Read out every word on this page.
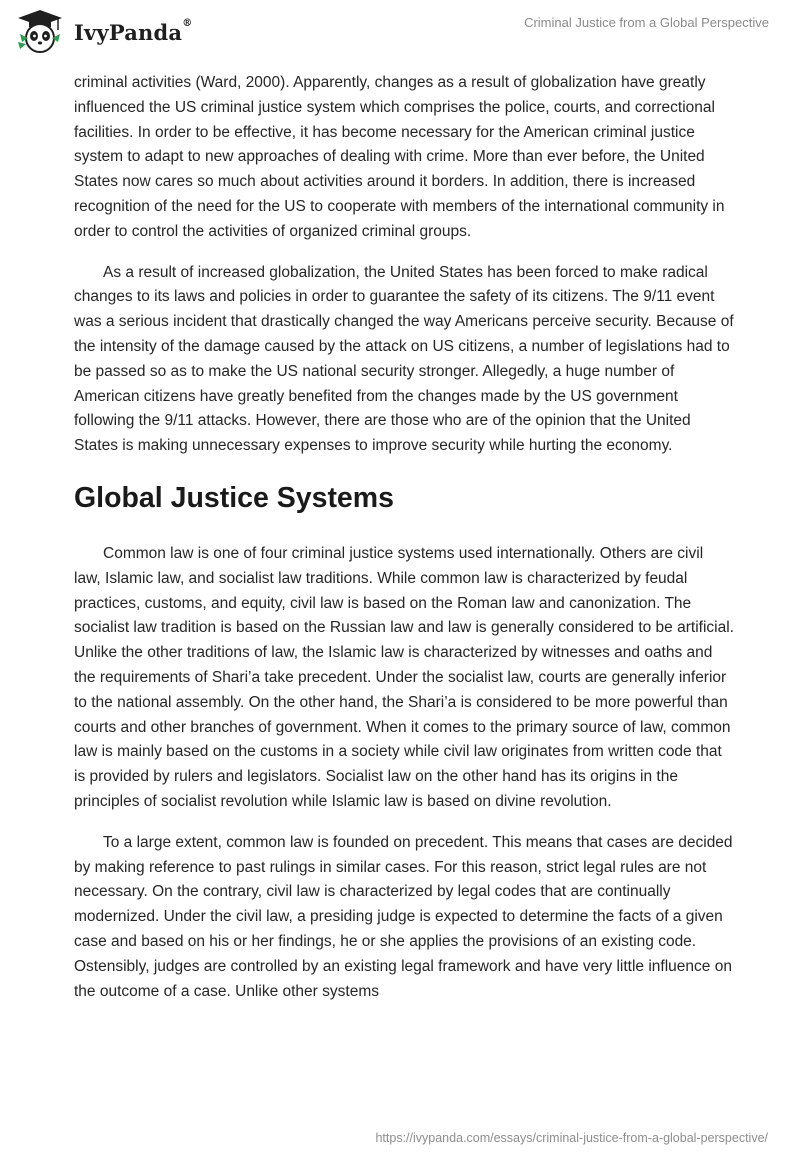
IvyPanda®	Criminal Justice from a Global Perspective

criminal activities (Ward, 2000). Apparently, changes as a result of globalization have greatly influenced the US criminal justice system which comprises the police, courts, and correctional facilities. In order to be effective, it has become necessary for the American criminal justice system to adapt to new approaches of dealing with crime. More than ever before, the United States now cares so much about activities around it borders. In addition, there is increased recognition of the need for the US to cooperate with members of the international community in order to control the activities of organized criminal groups.

As a result of increased globalization, the United States has been forced to make radical changes to its laws and policies in order to guarantee the safety of its citizens. The 9/11 event was a serious incident that drastically changed the way Americans perceive security. Because of the intensity of the damage caused by the attack on US citizens, a number of legislations had to be passed so as to make the US national security stronger. Allegedly, a huge number of American citizens have greatly benefited from the changes made by the US government following the 9/11 attacks. However, there are those who are of the opinion that the United States is making unnecessary expenses to improve security while hurting the economy.

Global Justice Systems

Common law is one of four criminal justice systems used internationally. Others are civil law, Islamic law, and socialist law traditions. While common law is characterized by feudal practices, customs, and equity, civil law is based on the Roman law and canonization. The socialist law tradition is based on the Russian law and law is generally considered to be artificial. Unlike the other traditions of law, the Islamic law is characterized by witnesses and oaths and the requirements of Shari’a take precedent. Under the socialist law, courts are generally inferior to the national assembly. On the other hand, the Shari’a is considered to be more powerful than courts and other branches of government. When it comes to the primary source of law, common law is mainly based on the customs in a society while civil law originates from written code that is provided by rulers and legislators. Socialist law on the other hand has its origins in the principles of socialist revolution while Islamic law is based on divine revolution.

To a large extent, common law is founded on precedent. This means that cases are decided by making reference to past rulings in similar cases. For this reason, strict legal rules are not necessary. On the contrary, civil law is characterized by legal codes that are continually modernized. Under the civil law, a presiding judge is expected to determine the facts of a given case and based on his or her findings, he or she applies the provisions of an existing code. Ostensibly, judges are controlled by an existing legal framework and have very little influence on the outcome of a case. Unlike other systems

https://ivypanda.com/essays/criminal-justice-from-a-global-perspective/
